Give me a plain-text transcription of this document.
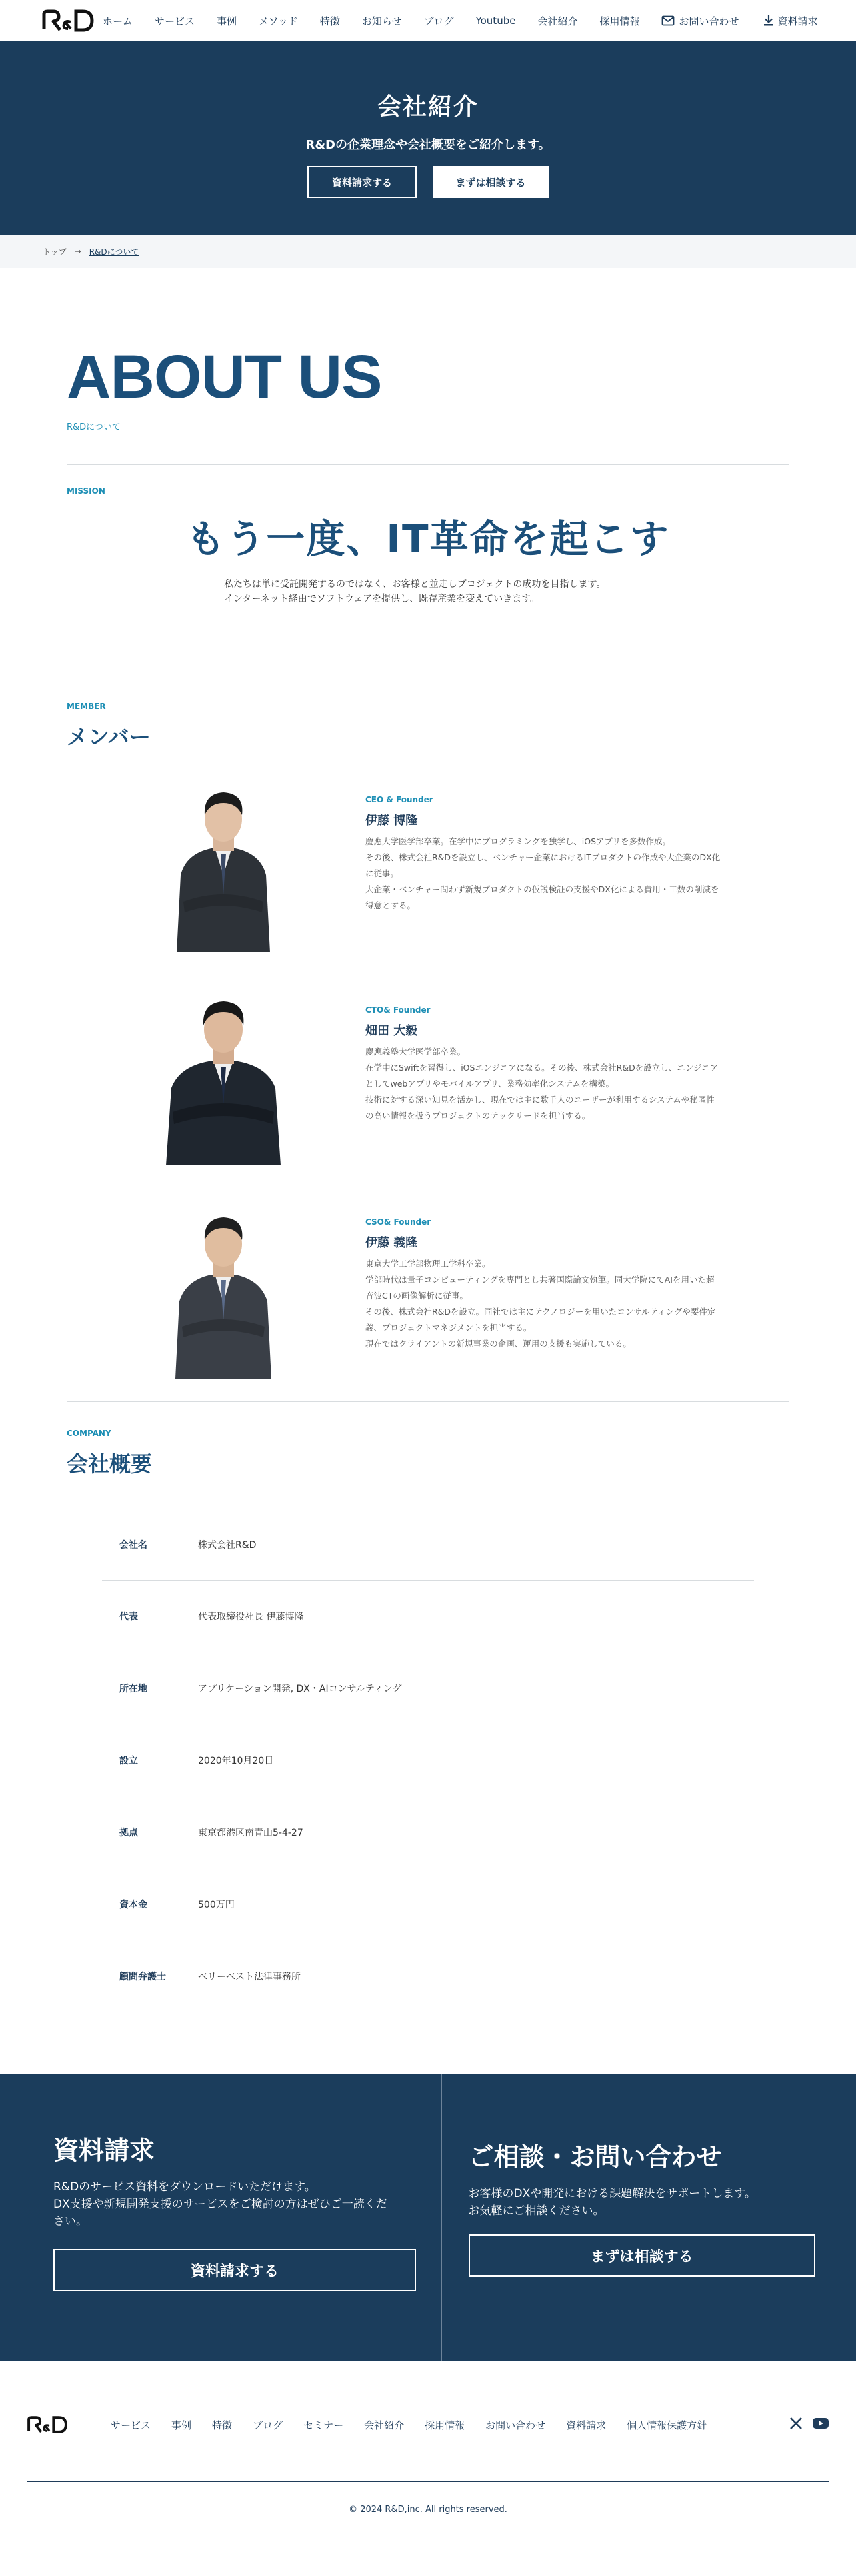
ホーム サービス 事例 メソッド 特徴 お知らせ ブログ Youtube 会社紹介 採用情報	お問い合わせ	資料請求
会社紹介

R&Dの企業理念や会社概要をご紹介します。

資料請求する	まずは相談する
トップ → R&Dについて
ABOUT US
R&Dについて
MISSION
もう一度、IT革命を起こす
私たちは単に受託開発するのではなく、お客様と並走しプロジェクトの成功を目指します。
インターネット経由でソフトウェアを提供し、既存産業を変えていきます。
MEMBER
メンバー
CEO & Founder
伊藤 博隆
慶應大学医学部卒業。在学中にプログラミングを独学し、iOSアプリを多数作成。
その後、株式会社R&Dを設立し、ベンチャー企業におけるITプロダクトの作成や大企業のDX化
に従事。
大企業・ベンチャー問わず新規プロダクトの仮説検証の支援やDX化による費用・工数の削減を
得意とする。
CTO& Founder
畑田 大毅
慶應義塾大学医学部卒業。
在学中にSwiftを習得し、iOSエンジニアになる。その後、株式会社R&Dを設立し、エンジニア
としてwebアプリやモバイルアプリ、業務効率化システムを構築。
技術に対する深い知見を活かし、現在では主に数千人のユーザーが利用するシステムや秘匿性
の高い情報を扱うプロジェクトのテックリードを担当する。
CSO& Founder
伊藤 義隆
東京大学工学部物理工学科卒業。
学部時代は量子コンピューティングを専門とし共著国際論文執筆。同大学院にてAIを用いた超
音波CTの画像解析に従事。
その後、株式会社R&Dを設立。同社では主にテクノロジーを用いたコンサルティングや要件定
義、プロジェクトマネジメントを担当する。
現在ではクライアントの新規事業の企画、運用の支援も実施している。
COMPANY
会社概要
会社名	株式会社R&D
代表	代表取締役社長 伊藤博隆
所在地	アプリケーション開発, DX・AIコンサルティング
設立	2020年10月20日
拠点	東京都港区南青山5-4-27
資本金	500万円
顧問弁護士	ベリーベスト法律事務所
資料請求

R&Dのサービス資料をダウンロードいただけます。
DX支援や新規開発支援のサービスをご検討の方はぜひご一読くだ
さい。

資料請求する
ご相談・お問い合わせ

お客様のDXや開発における課題解決をサポートします。
お気軽にご相談ください。

まずは相談する
サービス 事例 特徴 ブログ セミナー 会社紹介 採用情報 お問い合わせ 資料請求 個人情報保護方針
© 2024 R&D,inc. All rights reserved.
